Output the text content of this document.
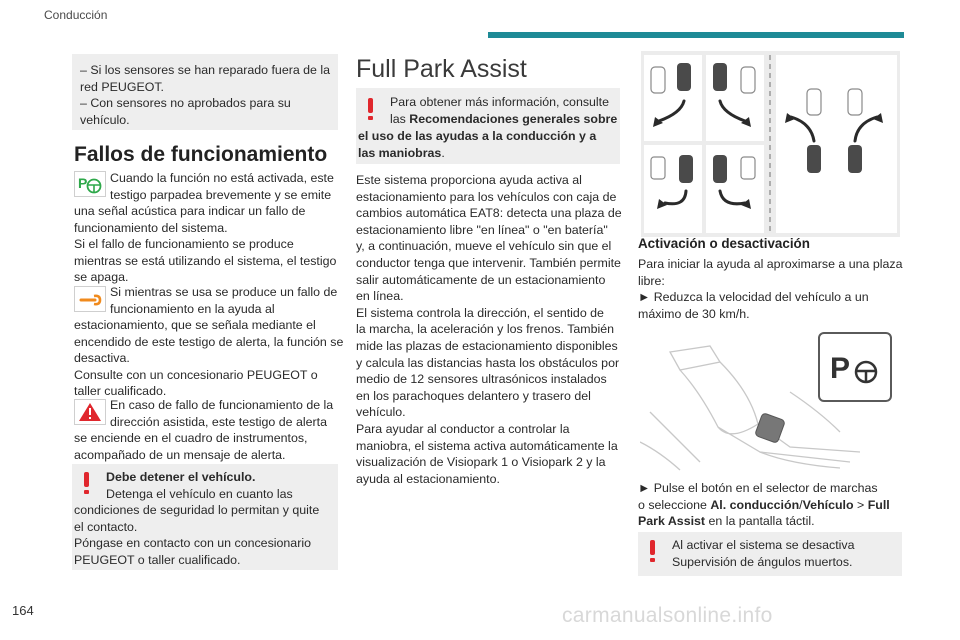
Conducción

– Si los sensores se han reparado fuera de la

red PEUGEOT.

– Con sensores no aprobados para su

vehículo.

Fallos de funcionamiento
P Cuando la función no está activada, este

testigo parpadea brevemente y se emite

una señal acústica para indicar un fallo de

funcionamiento del sistema.

Si el fallo de funcionamiento se produce

mientras se está utilizando el sistema, el testigo

se apaga.

Si mientras se usa se produce un fallo de

funcionamiento en la ayuda al

estacionamiento, que se señala mediante el

encendido de este testigo de alerta, la función se

desactiva.

Consulte con un concesionario PEUGEOT o

taller cualificado.

En caso de fallo de funcionamiento de la

dirección asistida, este testigo de alerta

se enciende en el cuadro de instrumentos,

acompañado de un mensaje de alerta.

Debe detener el vehículo.

Detenga el vehículo en cuanto las

condiciones de seguridad lo permitan y quite

el contacto.

Póngase en contacto con un concesionario

PEUGEOT o taller cualificado.

Full Park Assist

Para obtener más información, consulte

las Recomendaciones generales sobre

el uso de las ayudas a la conducción y a

las maniobras.

Este sistema proporciona ayuda activa al

estacionamiento para los vehículos con caja de

cambios automática EAT8: detecta una plaza de

estacionamiento libre "en línea" o "en batería"

y, a continuación, mueve el vehículo sin que el

conductor tenga que intervenir. También permite

salir automáticamente de un estacionamiento

en línea.

El sistema controla la dirección, el sentido de

la marcha, la aceleración y los frenos. También

mide las plazas de estacionamiento disponibles

y calcula las distancias hasta los obstáculos por

medio de 12 sensores ultrasónicos instalados

en los parachoques delantero y trasero del

vehículo.

Para ayudar al conductor a controlar la

maniobra, el sistema activa automáticamente la

visualización de Visiopark 1 o Visiopark 2 y la

ayuda al estacionamiento.

Activación o desactivación

Para iniciar la ayuda al aproximarse a una plaza

libre:

► Reduzca la velocidad del vehículo a un

máximo de 30 km/h.

P

► Pulse el botón en el selector de marchas

o seleccione Al. conducción/Vehículo > Full

Park Assist en la pantalla táctil.

Al activar el sistema se desactiva

Supervisión de ángulos muertos.

164	carmanualsonline.info
